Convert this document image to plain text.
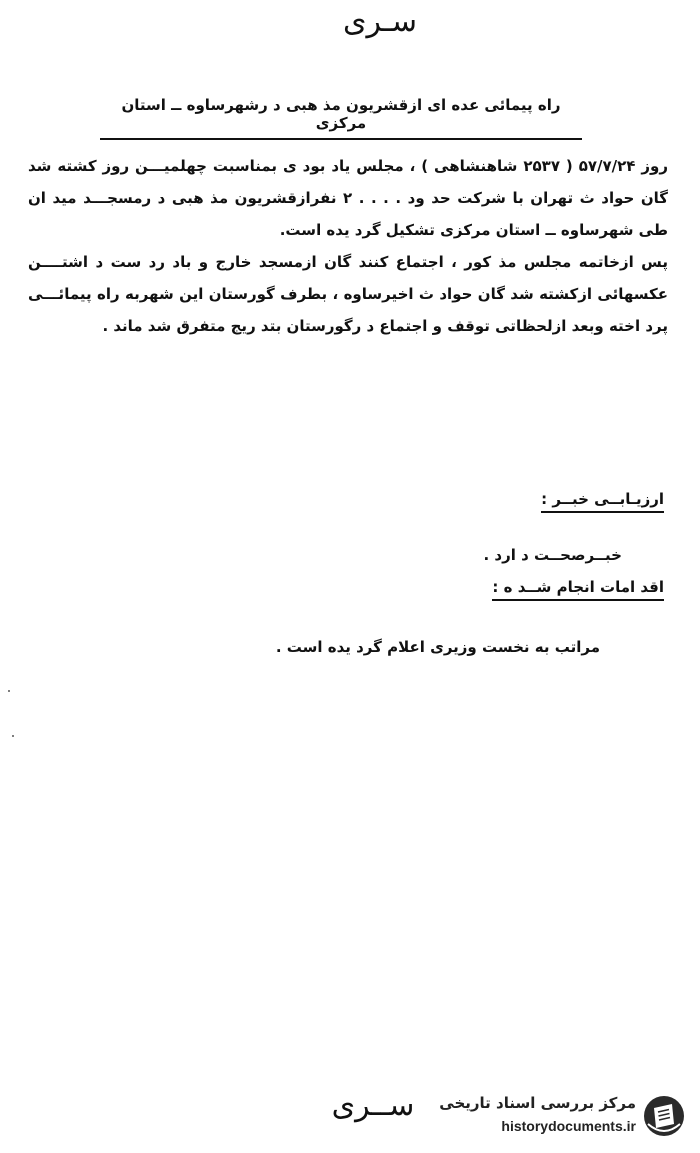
سـرى
راه پیمائی عده ای ازقشریون مذ هبی د رشهرساوه ــ استان مرکزی

روز ۵۷/۷/۲۴ ( ۲۵۳۷ شاهنشاهی ) ، مجلس یاد بود ی بمناسبت چهلمیـــن روز کشته شد گان حواد ث تهران با شرکت حد ود . . . . ۲ نفرازقشریون مذ هبی د رمسجـــد مید ان طی شهرساوه ــ استان مرکزی تشکیل گرد یده است.

پس ازخاتمه مجلس مذ کور ، اجتماع کنند گان ازمسجد خارج و باد رد ست د اشتــــن عکسهائی ازکشته شد گان حواد ث اخیرساوه ، بطرف گورستان این شهربه راه پیمائـــی پرد اخته وبعد ازلحظاتی توقف و اجتماع د رگورستان بتد ریج متفرق شد ماند .

ارزیـابــی خبــر :
خبــرصحــت د ارد .
اقد امات انجام شــد ه :
مراتب به نخست وزیری اعلام گرد یده است .
ســرى	مرکز بررسی اسناد تاریخی
historydocuments.ir
